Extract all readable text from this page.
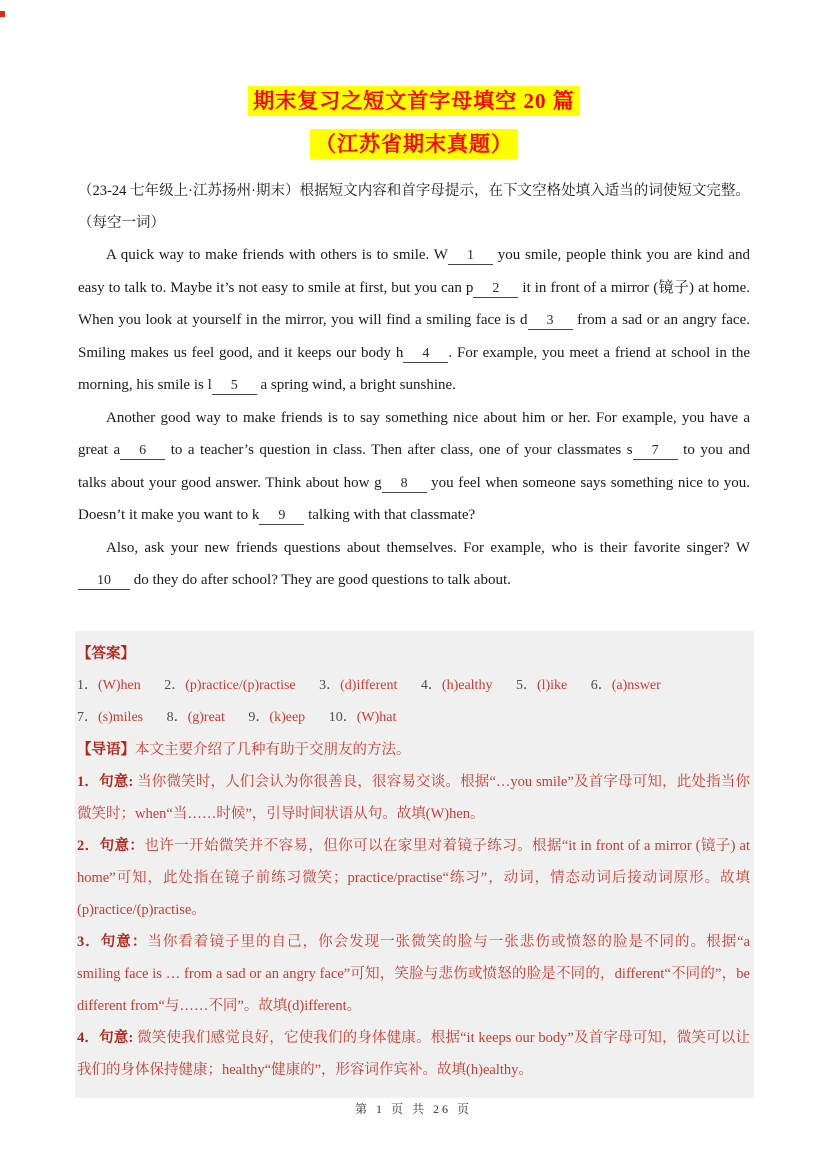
期末复习之短文首字母填空 20 篇
（江苏省期末真题）

（23-24 七年级上·江苏扬州·期末）根据短文内容和首字母提示，在下文空格处填入适当的词使短文完整。（每空一词）

A quick way to make friends with others is to smile. W 1 you smile, people think you are kind and easy to talk to. Maybe it’s not easy to smile at first, but you can p 2 it in front of a mirror (镜子) at home. When you look at yourself in the mirror, you will find a smiling face is d 3 from a sad or an angry face. Smiling makes us feel good, and it keeps our body h 4 . For example, you meet a friend at school in the morning, his smile is l 5 a spring wind, a bright sunshine.

Another good way to make friends is to say something nice about him or her. For example, you have a great a 6 to a teacher’s question in class. Then after class, one of your classmates s 7 to you and talks about your good answer. Think about how g 8 you feel when someone says something nice to you. Doesn’t it make you want to k 9 talking with that classmate?

Also, ask your new friends questions about themselves. For example, who is their favorite singer? W10 do they do after school? They are good questions to talk about.

【答案】
1．(W)hen 2．(p)ractice/(p)ractise 3．(d)ifferent 4．(h)ealthy 5．(l)ike 6．(a)nswer
7．(s)miles 8．(g)reat 9．(k)eep 10．(W)hat

【导语】本文主要介绍了几种有助于交朋友的方法。

1．句意: 当你微笑时，人们会认为你很善良，很容易交谈。根据“…you smile”及首字母可知，此处指当你微笑时；when“当……时候”，引导时间状语从句。故填(W)hen。

2．句意：也许一开始微笑并不容易，但你可以在家里对着镜子练习。根据“it in front of a mirror (镜子) at home”可知，此处指在镜子前练习微笑；practice/practise“练习”，动词，情态动词后接动词原形。故填(p)ractice/(p)ractise。

3．句意：当你看着镜子里的自己，你会发现一张微笑的脸与一张悲伤或愤怒的脸是不同的。根据“a smiling face is … from a sad or an angry face”可知，笑脸与悲伤或愤怒的脸是不同的，different“不同的”，be different from“与……不同”。故填(d)ifferent。

4．句意: 微笑使我们感觉良好，它使我们的身体健康。根据“it keeps our body”及首字母可知，微笑可以让我们的身体保持健康；healthy“健康的”，形容词作宾补。故填(h)ealthy。

第 1 页 共 26 页
